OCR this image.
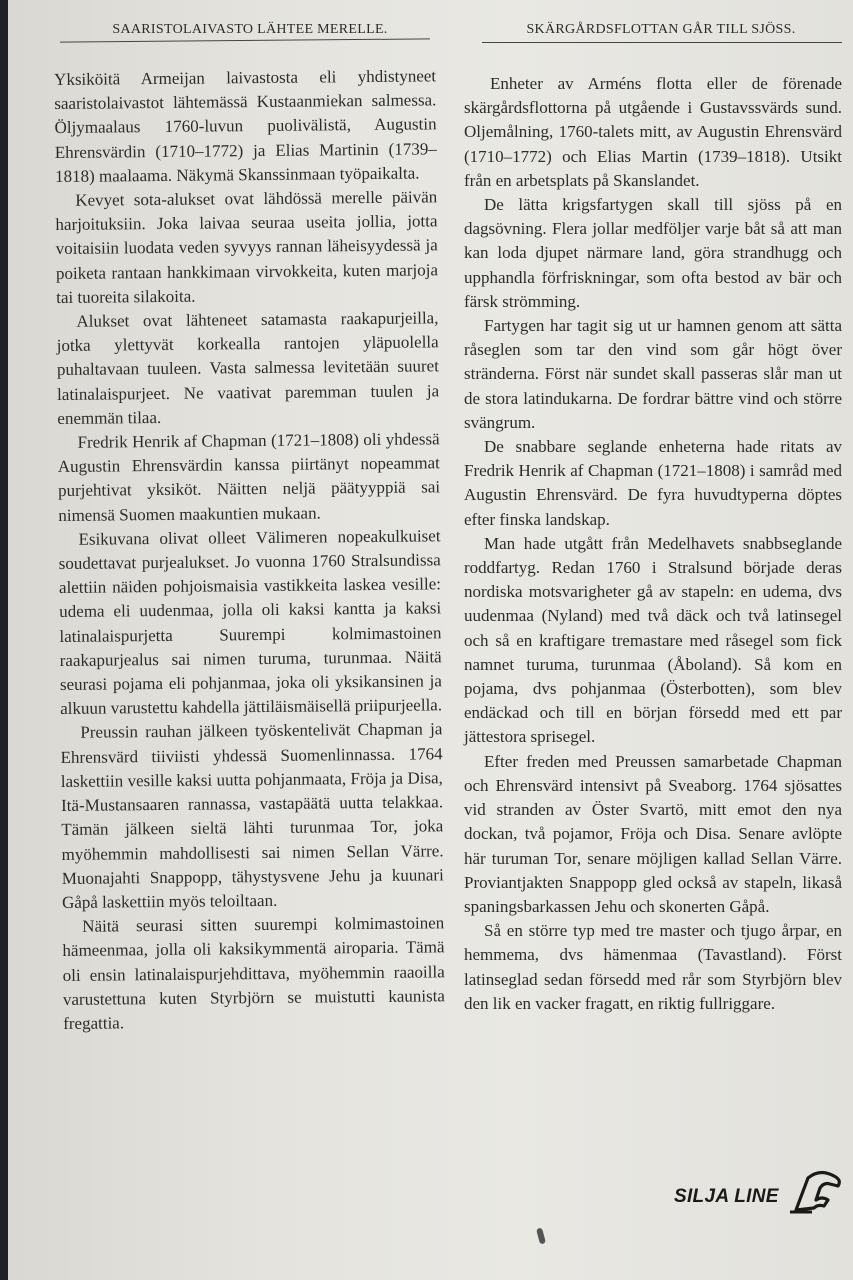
SAARISTOLAIVASTO LÄHTEE MERELLE.	SKÄRGÅRDSFLOTTAN GÅR TILL SJÖSS.

Yksiköitä Armeijan laivastosta eli yhdistyneet saaristolaivastot lähtemässä Kustaanmiekan salmessa. Öljymaalaus 1760-luvun puolivälistä, Augustin Ehrensvärdin (1710–1772) ja Elias Martinin (1739–1818) maalaama. Näkymä Skanssinmaan työpaikalta.

Kevyet sota-alukset ovat lähdössä merelle päivän harjoituksiin. Joka laivaa seuraa useita jollia, jotta voitaisiin luodata veden syvyys rannan läheisyydessä ja poiketa rantaan hankkimaan virvokkeita, kuten marjoja tai tuoreita silakoita.

Alukset ovat lähteneet satamasta raakapurjeilla, jotka ylettyvät korkealla rantojen yläpuolella puhaltavaan tuuleen. Vasta salmessa levitetään suuret latinalaispurjeet. Ne vaativat paremman tuulen ja enemmän tilaa.

Fredrik Henrik af Chapman (1721–1808) oli yhdessä Augustin Ehrensvärdin kanssa piirtänyt nopeammat purjehtivat yksiköt. Näitten neljä päätyyppiä sai nimensä Suomen maakuntien mukaan.

Esikuvana olivat olleet Välimeren nopeakulkuiset soudettavat purjealukset. Jo vuonna 1760 Stralsundissa alettiin näiden pohjoismaisia vastikkeita laskea vesille: udema eli uudenmaa, jolla oli kaksi kantta ja kaksi latinalaispurjetta Suurempi kolmimastoinen raakapurjealus sai nimen turuma, turunmaa. Näitä seurasi pojama eli pohjanmaa, joka oli yksikansinen ja alkuun varustettu kahdella jättiläismäisellä priipurjeella.

Preussin rauhan jälkeen työskentelivät Chapman ja Ehrensvärd tiiviisti yhdessä Suomenlinnassa. 1764 laskettiin vesille kaksi uutta pohjanmaata, Fröja ja Disa, Itä-Mustansaaren rannassa, vastapäätä uutta telakkaa. Tämän jälkeen sieltä lähti turunmaa Tor, joka myöhemmin mahdollisesti sai nimen Sellan Värre. Muonajahti Snappopp, tähystysvene Jehu ja kuunari Gåpå laskettiin myös teloiltaan.

Näitä seurasi sitten suurempi kolmimastoinen hämeenmaa, jolla oli kaksikymmentä airoparia. Tämä oli ensin latinalaispurjehdittava, myöhemmin raaoilla varustettuna kuten Styrbjörn se muistutti kaunista fregattia.

Enheter av Arméns flotta eller de förenade skärgårdsflottorna på utgående i Gustavssvärds sund. Oljemålning, 1760-talets mitt, av Augustin Ehrensvärd (1710–1772) och Elias Martin (1739–1818). Utsikt från en arbetsplats på Skanslandet.

De lätta krigsfartygen skall till sjöss på en dagsövning. Flera jollar medföljer varje båt så att man kan loda djupet närmare land, göra strandhugg och upphandla förfriskningar, som ofta bestod av bär och färsk strömming.

Fartygen har tagit sig ut ur hamnen genom att sätta råseglen som tar den vind som går högt över stränderna. Först när sundet skall passeras slår man ut de stora latindukarna. De fordrar bättre vind och större svängrum.

De snabbare seglande enheterna hade ritats av Fredrik Henrik af Chapman (1721–1808) i samråd med Augustin Ehrensvärd. De fyra huvudtyperna döptes efter finska landskap.

Man hade utgått från Medelhavets snabbseglande roddfartyg. Redan 1760 i Stralsund började deras nordiska motsvarigheter gå av stapeln: en udema, dvs uudenmaa (Nyland) med två däck och två latinsegel och så en kraftigare tremastare med råsegel som fick namnet turuma, turunmaa (Åboland). Så kom en pojama, dvs pohjanmaa (Österbotten), som blev endäckad och till en början försedd med ett par jättestora sprisegel.

Efter freden med Preussen samarbetade Chapman och Ehrensvärd intensivt på Sveaborg. 1764 sjösattes vid stranden av Öster Svartö, mitt emot den nya dockan, två pojamor, Fröja och Disa. Senare avlöpte här turuman Tor, senare möjligen kallad Sellan Värre. Proviantjakten Snappopp gled också av stapeln, likaså spaningsbarkassen Jehu och skonerten Gåpå.

Så en större typ med tre master och tjugo årpar, en hemmema, dvs hämenmaa (Tavastland). Först latinseglad sedan försedd med rår som Styrbjörn blev den lik en vacker fragatt, en riktig fullriggare.

SILJA LINE
